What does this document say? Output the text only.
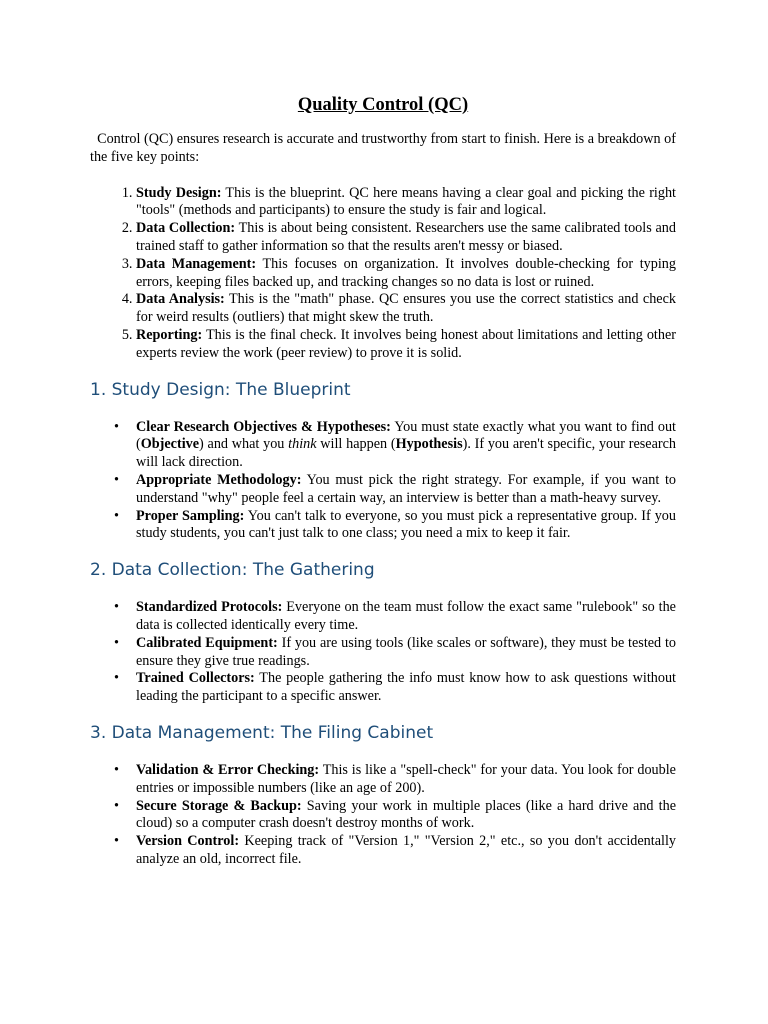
Quality Control (QC)

Control (QC) ensures research is accurate and trustworthy from start to finish. Here is a breakdown of the five key points:

1. Study Design: This is the blueprint. QC here means having a clear goal and picking the right "tools" (methods and participants) to ensure the study is fair and logical.
2. Data Collection: This is about being consistent. Researchers use the same calibrated tools and trained staff to gather information so that the results aren't messy or biased.
3. Data Management: This focuses on organization. It involves double-checking for typing errors, keeping files backed up, and tracking changes so no data is lost or ruined.
4. Data Analysis: This is the "math" phase. QC ensures you use the correct statistics and check for weird results (outliers) that might skew the truth.
5. Reporting: This is the final check. It involves being honest about limitations and letting other experts review the work (peer review) to prove it is solid.
1. Study Design: The Blueprint
• Clear Research Objectives & Hypotheses: You must state exactly what you want to find out (Objective) and what you think will happen (Hypothesis). If you aren't specific, your research will lack direction.
• Appropriate Methodology: You must pick the right strategy. For example, if you want to understand "why" people feel a certain way, an interview is better than a math-heavy survey.
• Proper Sampling: You can't talk to everyone, so you must pick a representative group. If you study students, you can't just talk to one class; you need a mix to keep it fair.
2. Data Collection: The Gathering
• Standardized Protocols: Everyone on the team must follow the exact same "rulebook" so the data is collected identically every time.
• Calibrated Equipment: If you are using tools (like scales or software), they must be tested to ensure they give true readings.
• Trained Collectors: The people gathering the info must know how to ask questions without leading the participant to a specific answer.
3. Data Management: The Filing Cabinet
• Validation & Error Checking: This is like a "spell-check" for your data. You look for double entries or impossible numbers (like an age of 200).
• Secure Storage & Backup: Saving your work in multiple places (like a hard drive and the cloud) so a computer crash doesn't destroy months of work.
• Version Control: Keeping track of "Version 1," "Version 2," etc., so you don't accidentally analyze an old, incorrect file.
